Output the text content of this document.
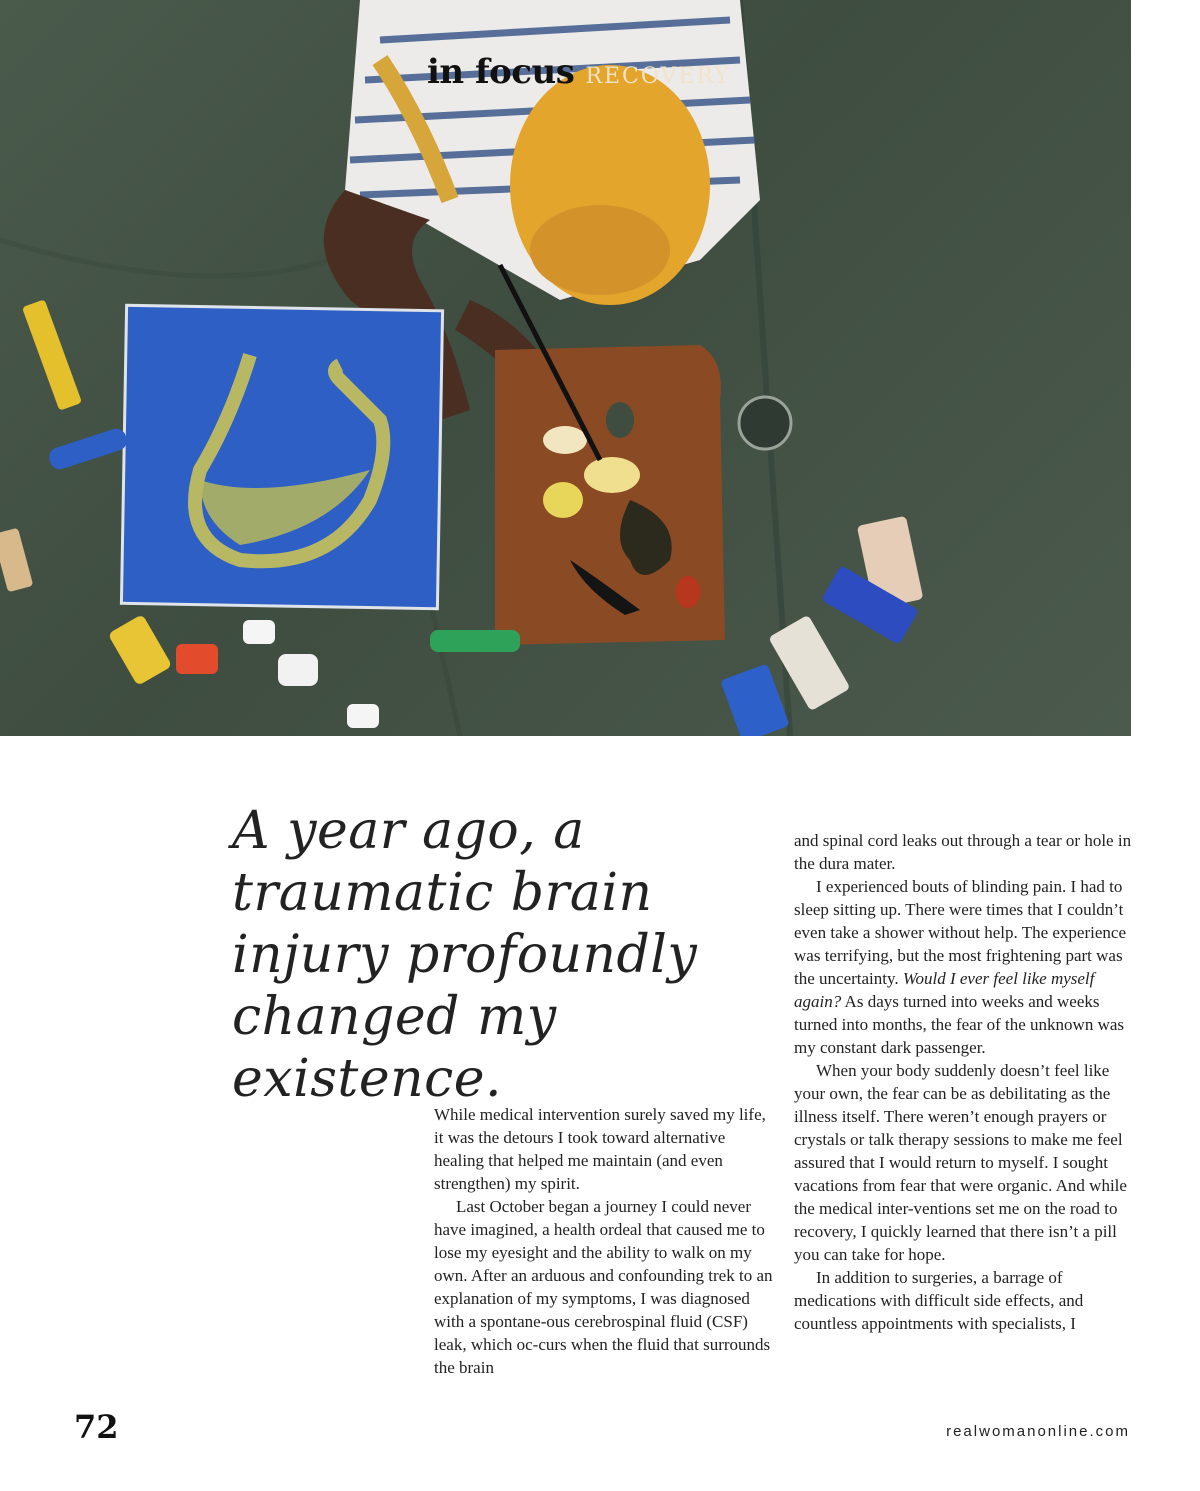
in focus RECOVERY
A year ago, a traumatic brain injury profoundly changed my existence.

While medical intervention surely saved my life, it was the detours I took toward alternative healing that helped me maintain (and even strengthen) my spirit.

Last October began a journey I could never have imagined, a health ordeal that caused me to lose my eyesight and the ability to walk on my own. After an arduous and confounding trek to an explanation of my symptoms, I was diagnosed with a spontane-ous cerebrospinal fluid (CSF) leak, which oc-curs when the fluid that surrounds the brain

and spinal cord leaks out through a tear or hole in the dura mater.

I experienced bouts of blinding pain. I had to sleep sitting up. There were times that I couldn’t even take a shower without help. The experience was terrifying, but the most frightening part was the uncertainty. Would I ever feel like myself again? As days turned into weeks and weeks turned into months, the fear of the unknown was my constant dark passenger.

When your body suddenly doesn’t feel like your own, the fear can be as debilitating as the illness itself. There weren’t enough prayers or crystals or talk therapy sessions to make me feel assured that I would return to myself. I sought vacations from fear that were organic. And while the medical inter-ventions set me on the road to recovery, I quickly learned that there isn’t a pill you can take for hope.

In addition to surgeries, a barrage of medications with difficult side effects, and countless appointments with specialists, I

72	realwomanonline.com
